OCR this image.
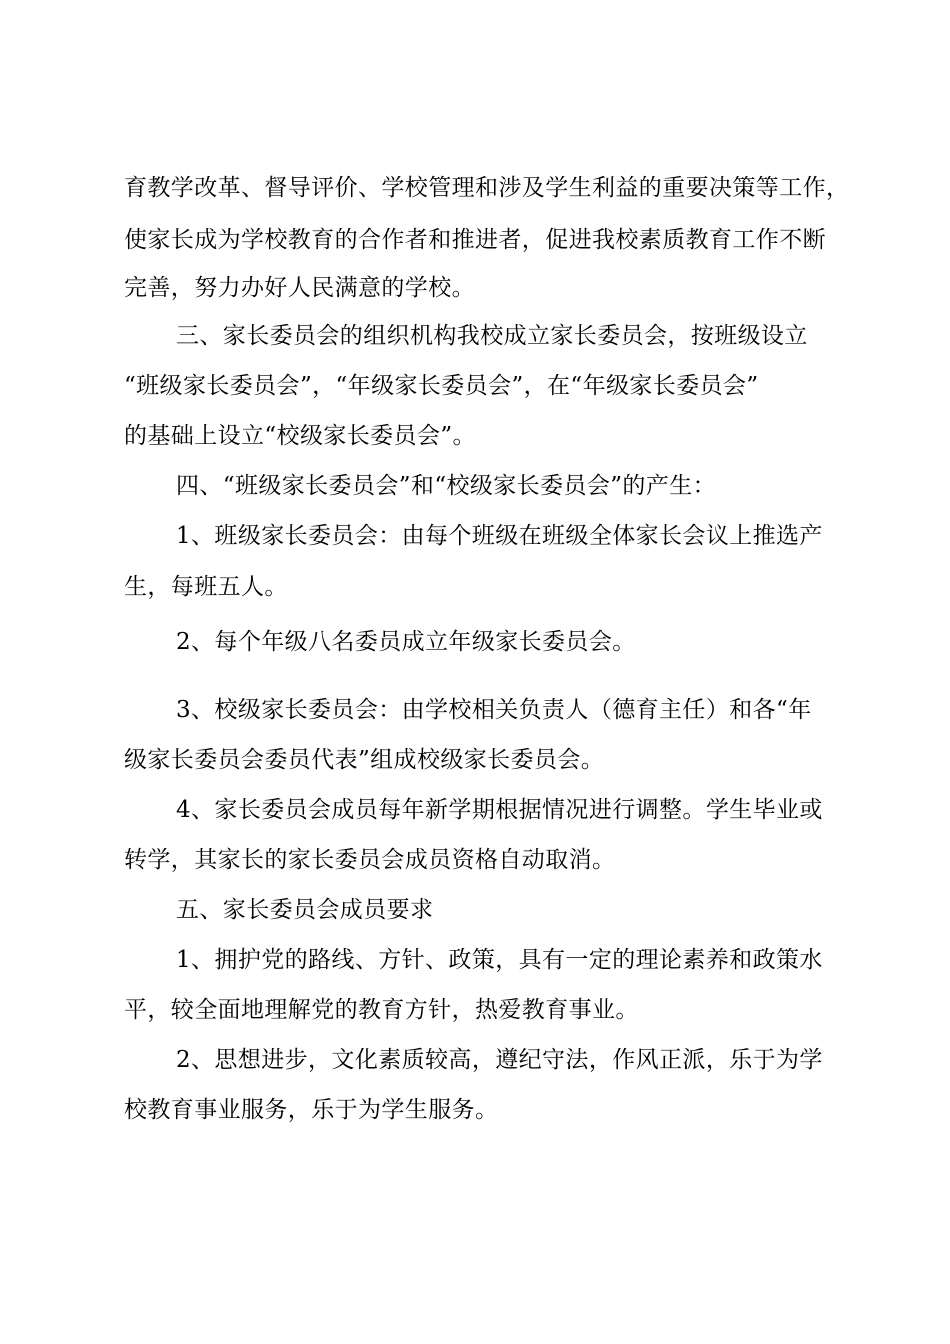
育教学改革、督导评价、学校管理和涉及学生利益的重要决策等工作，
使家长成为学校教育的合作者和推进者，促进我校素质教育工作不断
完善，努力办好人民满意的学校。
三、家长委员会的组织机构我校成立家长委员会，按班级设立
“班级家长委员会”，“年级家长委员会”，在“年级家长委员会”
的基础上设立“校级家长委员会”。
四、“班级家长委员会”和“校级家长委员会”的产生：
1、班级家长委员会：由每个班级在班级全体家长会议上推选产
生，每班五人。
2、每个年级八名委员成立年级家长委员会。
3、校级家长委员会：由学校相关负责人（德育主任）和各“年
级家长委员会委员代表”组成校级家长委员会。
4、家长委员会成员每年新学期根据情况进行调整。学生毕业或
转学，其家长的家长委员会成员资格自动取消。
五、家长委员会成员要求
1、拥护党的路线、方针、政策，具有一定的理论素养和政策水
平，较全面地理解党的教育方针，热爱教育事业。
2、思想进步，文化素质较高，遵纪守法，作风正派，乐于为学
校教育事业服务，乐于为学生服务。
